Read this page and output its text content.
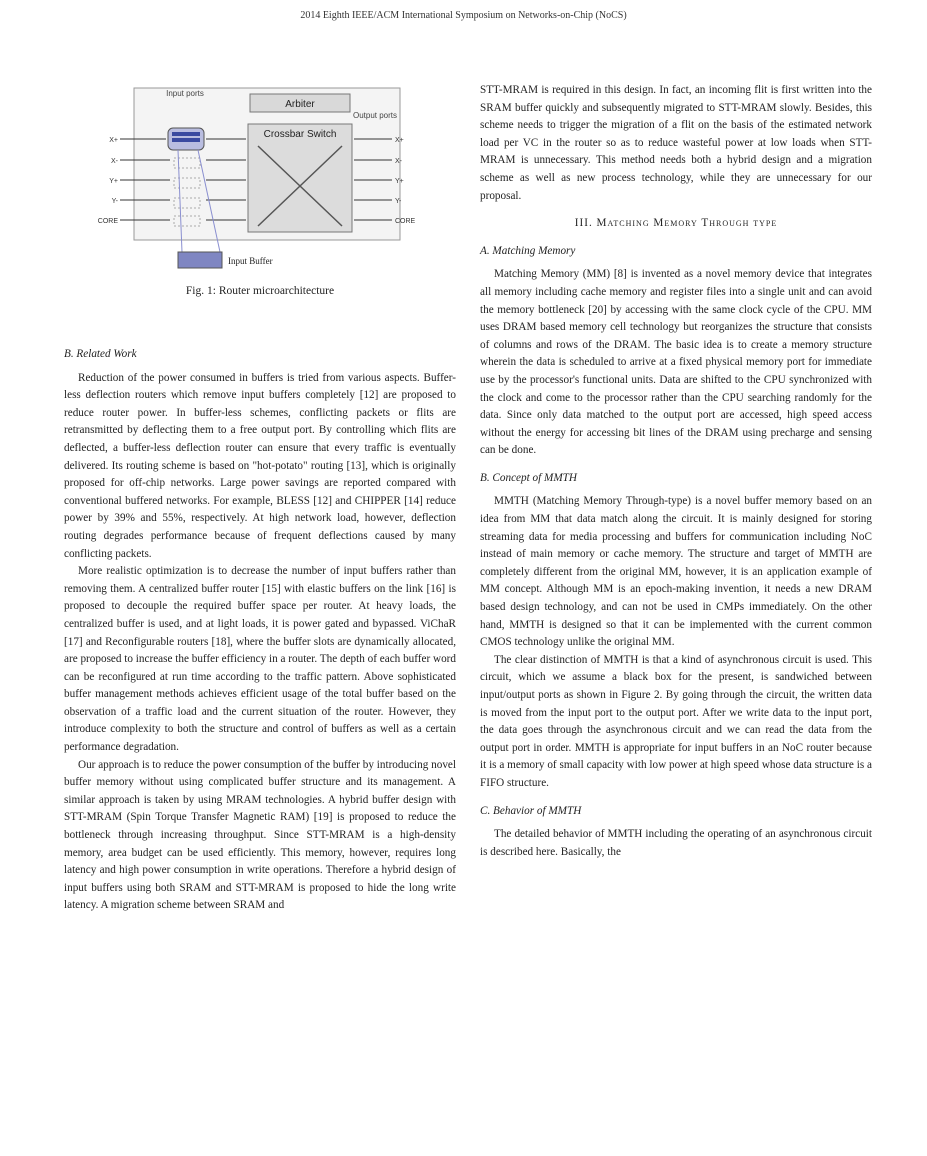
2014 Eighth IEEE/ACM International Symposium on Networks-on-Chip (NoCS)
Arbiter
Crossbar Switch
Input ports
Output ports
X+
X-
Y+
Y-
CORE
X+
X-
Y+
Y-
CORE
Input Buffer
Fig. 1: Router microarchitecture
B. Related Work

Reduction of the power consumed in buffers is tried from various aspects. Buffer-less deflection routers which remove input buffers completely [12] are proposed to reduce router power. In buffer-less schemes, conflicting packets or flits are retransmitted by deflecting them to a free output port. By controlling which flits are deflected, a buffer-less deflection router can ensure that every traffic is eventually delivered. Its routing scheme is based on "hot-potato" routing [13], which is originally proposed for off-chip networks. Large power savings are reported compared with conventional buffered networks. For example, BLESS [12] and CHIPPER [14] reduce power by 39% and 55%, respectively. At high network load, however, deflection routing degrades performance because of frequent deflections caused by many conflicting packets.

More realistic optimization is to decrease the number of input buffers rather than removing them. A centralized buffer router [15] with elastic buffers on the link [16] is proposed to decouple the required buffer space per router. At heavy loads, the centralized buffer is used, and at light loads, it is power gated and bypassed. ViChaR [17] and Reconfigurable routers [18], where the buffer slots are dynamically allocated, are proposed to increase the buffer efficiency in a router. The depth of each buffer word can be reconfigured at run time according to the traffic pattern. Above sophisticated buffer management methods achieves efficient usage of the total buffer based on the observation of a traffic load and the current situation of the router. However, they introduce complexity to both the structure and control of buffers as well as a certain performance degradation.

Our approach is to reduce the power consumption of the buffer by introducing novel buffer memory without using complicated buffer structure and its management. A similar approach is taken by using MRAM technologies. A hybrid buffer design with STT-MRAM (Spin Torque Transfer Magnetic RAM) [19] is proposed to reduce the bottleneck through increasing throughput. Since STT-MRAM is a high-density memory, area budget can be used efficiently. This memory, however, requires long latency and high power consumption in write operations. Therefore a hybrid design of input buffers using both SRAM and STT-MRAM is proposed to hide the long write latency. A migration scheme between SRAM and

STT-MRAM is required in this design. In fact, an incoming flit is first written into the SRAM buffer quickly and subsequently migrated to STT-MRAM slowly. Besides, this scheme needs to trigger the migration of a flit on the basis of the estimated network load per VC in the router so as to reduce wasteful power at low loads when STT-MRAM is unnecessary. This method needs both a hybrid design and a migration scheme as well as new process technology, while they are unnecessary for our proposal.

III. Matching Memory Through type
A. Matching Memory

Matching Memory (MM) [8] is invented as a novel memory device that integrates all memory including cache memory and register files into a single unit and can avoid the memory bottleneck [20] by accessing with the same clock cycle of the CPU. MM uses DRAM based memory cell technology but reorganizes the structure that consists of columns and rows of the DRAM. The basic idea is to create a memory structure wherein the data is scheduled to arrive at a fixed physical memory port for immediate use by the processor's functional units. Data are shifted to the CPU synchronized with the clock and come to the processor rather than the CPU searching randomly for the data. Since only data matched to the output port are accessed, high speed access without the energy for accessing bit lines of the DRAM using precharge and sensing can be done.

B. Concept of MMTH

MMTH (Matching Memory Through-type) is a novel buffer memory based on an idea from MM that data match along the circuit. It is mainly designed for storing streaming data for media processing and buffers for communication including NoC instead of main memory or cache memory. The structure and target of MMTH are completely different from the original MM, however, it is an application example of MM concept. Although MM is an epoch-making invention, it needs a new DRAM based design technology, and can not be used in CMPs immediately. On the other hand, MMTH is designed so that it can be implemented with the current common CMOS technology unlike the original MM.

The clear distinction of MMTH is that a kind of asynchronous circuit is used. This circuit, which we assume a black box for the present, is sandwiched between input/output ports as shown in Figure 2. By going through the circuit, the written data is moved from the input port to the output port. After we write data to the input port, the data goes through the asynchronous circuit and we can read the data from the output port in order. MMTH is appropriate for input buffers in an NoC router because it is a memory of small capacity with low power at high speed whose data structure is a FIFO structure.

C. Behavior of MMTH

The detailed behavior of MMTH including the operating of an asynchronous circuit is described here. Basically, the
